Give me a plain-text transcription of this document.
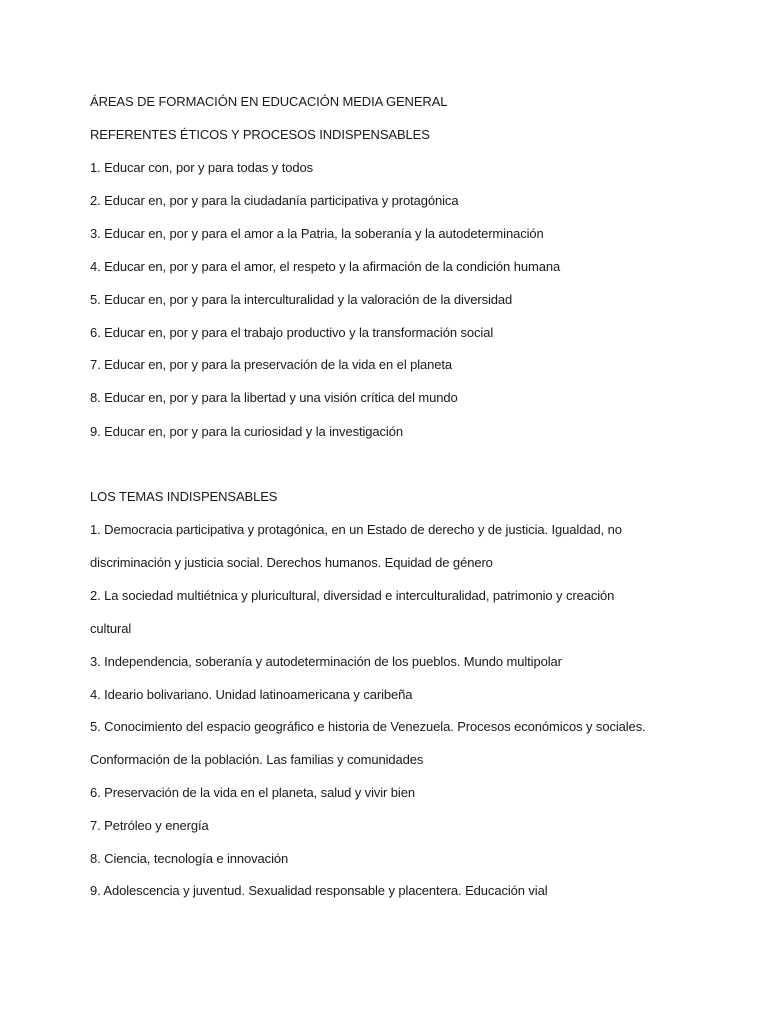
ÁREAS DE FORMACIÓN EN EDUCACIÓN MEDIA GENERAL
REFERENTES ÉTICOS Y PROCESOS INDISPENSABLES
1. Educar con, por y para todas y todos
2. Educar en, por y para la ciudadanía participativa y protagónica
3. Educar en, por y para el amor a la Patria, la soberanía y la autodeterminación
4. Educar en, por y para el amor, el respeto y la afirmación de la condición humana
5. Educar en, por y para la interculturalidad y la valoración de la diversidad
6. Educar en, por y para el trabajo productivo y la transformación social
7. Educar en, por y para la preservación de la vida en el planeta
8. Educar en, por y para la libertad y una visión crítica del mundo
9. Educar en, por y para la curiosidad y la investigación
LOS TEMAS INDISPENSABLES
1. Democracia participativa y protagónica, en un Estado de derecho y de justicia. Igualdad, no
discriminación y justicia social. Derechos humanos. Equidad de género
2. La sociedad multiétnica y pluricultural, diversidad e interculturalidad, patrimonio y creación
cultural
3. Independencia, soberanía y autodeterminación de los pueblos. Mundo multipolar
4. Ideario bolivariano. Unidad latinoamericana y caribeña
5. Conocimiento del espacio geográfico e historia de Venezuela. Procesos económicos y sociales.
Conformación de la población. Las familias y comunidades
6. Preservación de la vida en el planeta, salud y vivir bien
7. Petróleo y energía
8. Ciencia, tecnología e innovación
9. Adolescencia y juventud. Sexualidad responsable y placentera. Educación vial
